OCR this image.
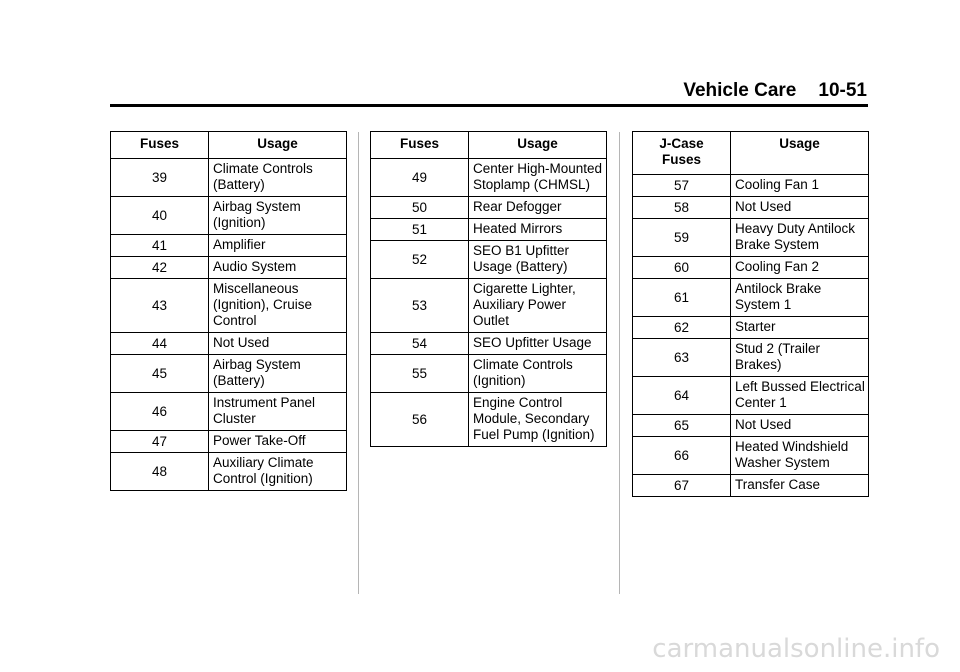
Vehicle Care 10-51
Fuses	Usage
39	Climate Controls (Battery)
40	Airbag System (Ignition)
41	Amplifier
42	Audio System
43	Miscellaneous (Ignition), Cruise Control
44	Not Used
45	Airbag System (Battery)
46	Instrument Panel Cluster
47	Power Take‐Off
48	Auxiliary Climate Control (Ignition)
Fuses	Usage
49	Center High‐Mounted Stoplamp (CHMSL)
50	Rear Defogger
51	Heated Mirrors
52	SEO B1 Upfitter Usage (Battery)
53	Cigarette Lighter, Auxiliary Power Outlet
54	SEO Upfitter Usage
55	Climate Controls (Ignition)
56	Engine Control Module, Secondary Fuel Pump (Ignition)
J‐Case Fuses	Usage
57	Cooling Fan 1
58	Not Used
59	Heavy Duty Antilock Brake System
60	Cooling Fan 2
61	Antilock Brake System 1
62	Starter
63	Stud 2 (Trailer Brakes)
64	Left Bussed Electrical Center 1
65	Not Used
66	Heated Windshield Washer System
67	Transfer Case
carmanualsonline.info
